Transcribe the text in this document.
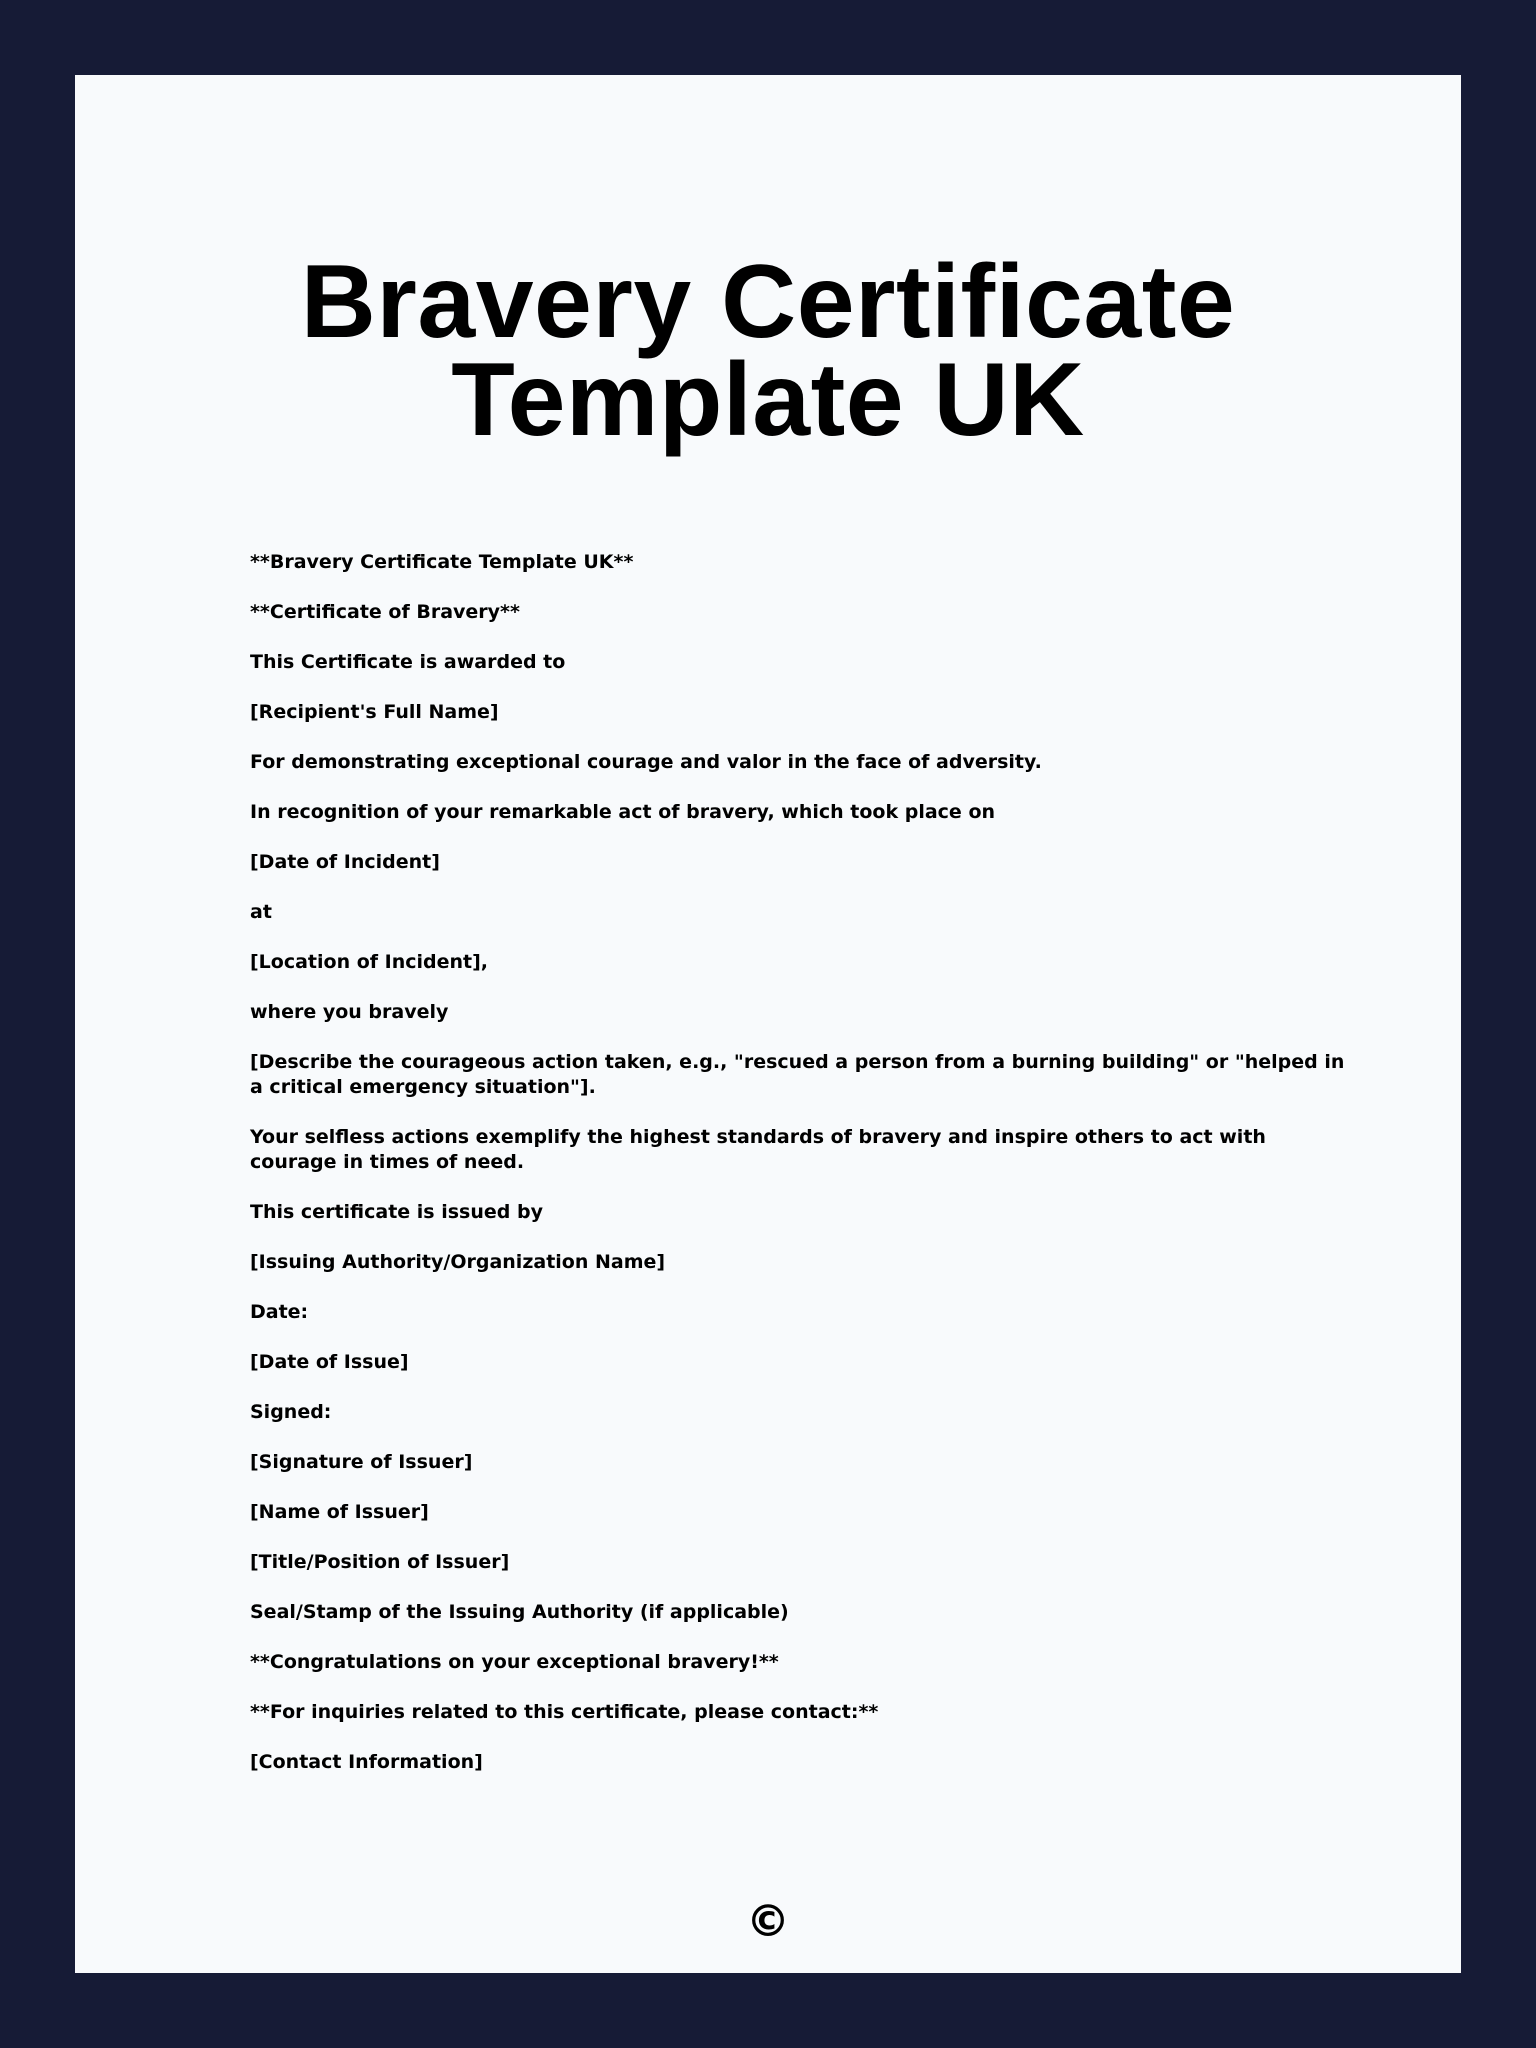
Bravery Certificate Template UK

**Bravery Certificate Template UK**

**Certificate of Bravery**

This Certificate is awarded to

[Recipient's Full Name]

For demonstrating exceptional courage and valor in the face of adversity.

In recognition of your remarkable act of bravery, which took place on

[Date of Incident]

at

[Location of Incident],

where you bravely

[Describe the courageous action taken, e.g., "rescued a person from a burning building" or "helped in a critical emergency situation"].

Your selfless actions exemplify the highest standards of bravery and inspire others to act with courage in times of need.

This certificate is issued by

[Issuing Authority/Organization Name]

Date:

[Date of Issue]

Signed:

[Signature of Issuer]

[Name of Issuer]

[Title/Position of Issuer]

Seal/Stamp of the Issuing Authority (if applicable)

**Congratulations on your exceptional bravery!**

**For inquiries related to this certificate, please contact:**

[Contact Information]

©
